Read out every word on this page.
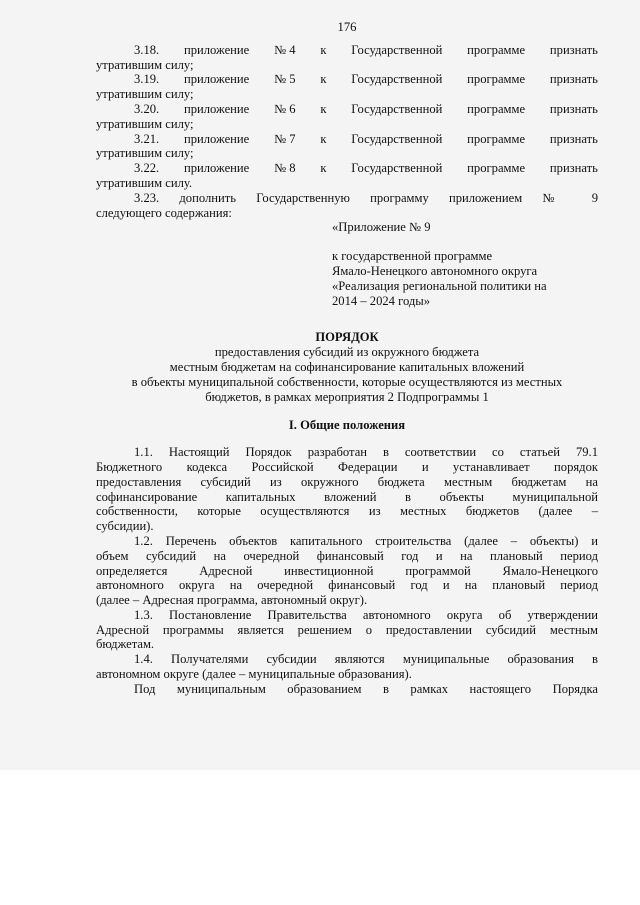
176
3.18. приложение № 4 к Государственной программе признать
утратившим силу;
3.19. приложение № 5 к Государственной программе признать
утратившим силу;
3.20. приложение № 6 к Государственной программе признать
утратившим силу;
3.21. приложение № 7 к Государственной программе признать
утратившим силу;
3.22. приложение № 8 к Государственной программе признать
утратившим силу.
3.23. дополнить Государственную программу приложением № 9
следующего содержания:
«Приложение № 9
к государственной программе
Ямало-Ненецкого автономного округа
«Реализация региональной политики на
2014 – 2024 годы»
ПОРЯДОК
предоставления субсидий из окружного бюджета
местным бюджетам на софинансирование капитальных вложений
в объекты муниципальной собственности, которые осуществляются из местных
бюджетов, в рамках мероприятия 2 Подпрограммы 1
I. Общие положения
1.1. Настоящий Порядок разработан в соответствии со статьей 79.1
Бюджетного кодекса Российской Федерации и устанавливает порядок
предоставления субсидий из окружного бюджета местным бюджетам на
софинансирование капитальных вложений в объекты муниципальной
собственности, которые осуществляются из местных бюджетов (далее –
субсидии).
1.2. Перечень объектов капитального строительства (далее – объекты) и
объем субсидий на очередной финансовый год и на плановый период
определяется Адресной инвестиционной программой Ямало-Ненецкого
автономного округа на очередной финансовый год и на плановый период
(далее – Адресная программа, автономный округ).
1.3. Постановление Правительства автономного округа об утверждении
Адресной программы является решением о предоставлении субсидий местным
бюджетам.
1.4. Получателями субсидии являются муниципальные образования в
автономном округе (далее – муниципальные образования).
Под муниципальным образованием в рамках настоящего Порядка
